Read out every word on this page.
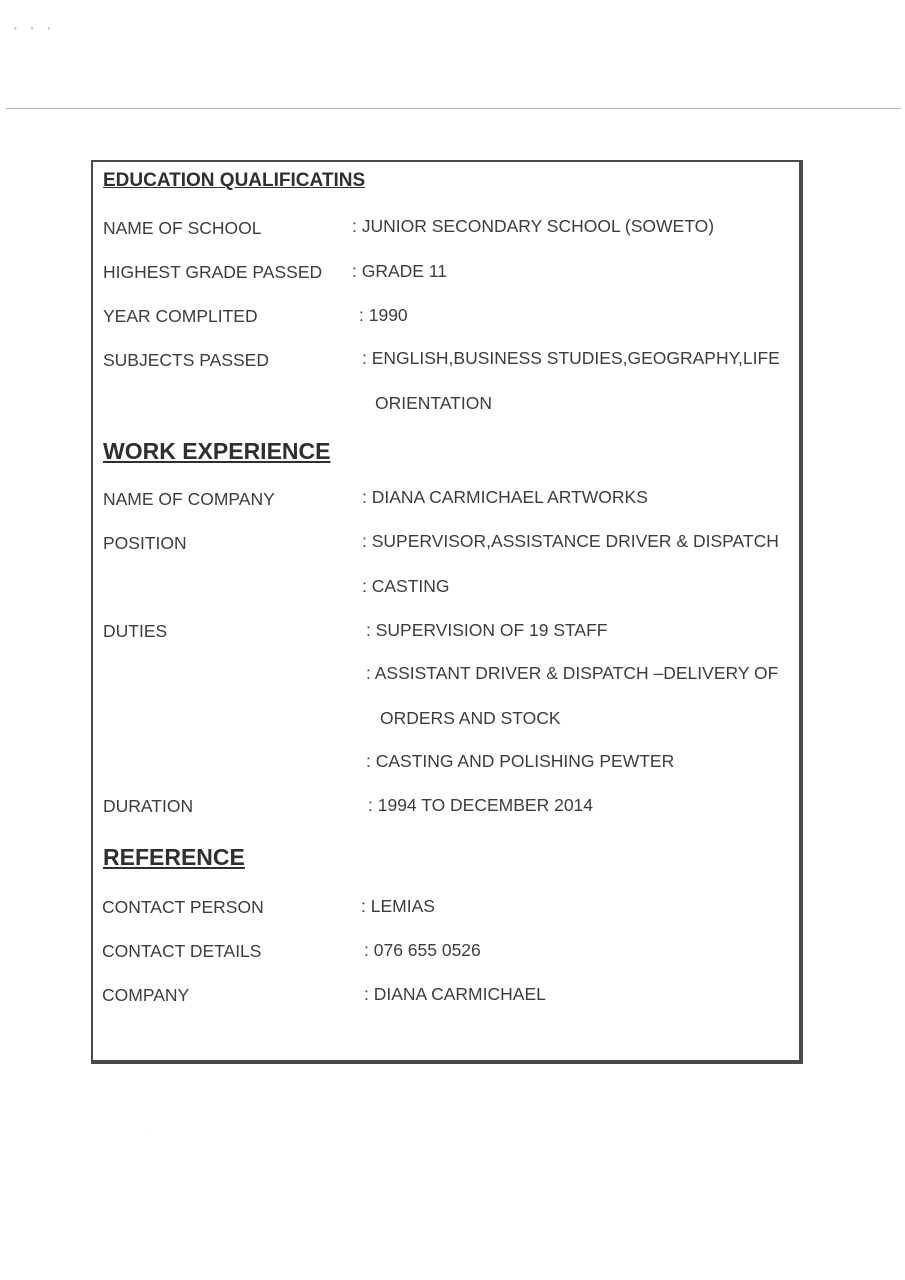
•••
EDUCATION QUALIFICATINS
NAME OF SCHOOL	: JUNIOR SECONDARY SCHOOL (SOWETO)
HIGHEST GRADE PASSED : GRADE 11
YEAR COMPLITED	: 1990
SUBJECTS PASSED	: ENGLISH,BUSINESS STUDIES,GEOGRAPHY,LIFE
ORIENTATION
WORK EXPERIENCE
NAME OF COMPANY	: DIANA CARMICHAEL ARTWORKS
POSITION	: SUPERVISOR,ASSISTANCE DRIVER & DISPATCH
: CASTING
DUTIES	: SUPERVISION OF 19 STAFF
: ASSISTANT DRIVER & DISPATCH –DELIVERY OF
ORDERS AND STOCK
: CASTING AND POLISHING PEWTER
DURATION	: 1994 TO DECEMBER 2014
REFERENCE
CONTACT PERSON	: LEMIAS
CONTACT DETAILS	: 076 655 0526
COMPANY	: DIANA CARMICHAEL
·
